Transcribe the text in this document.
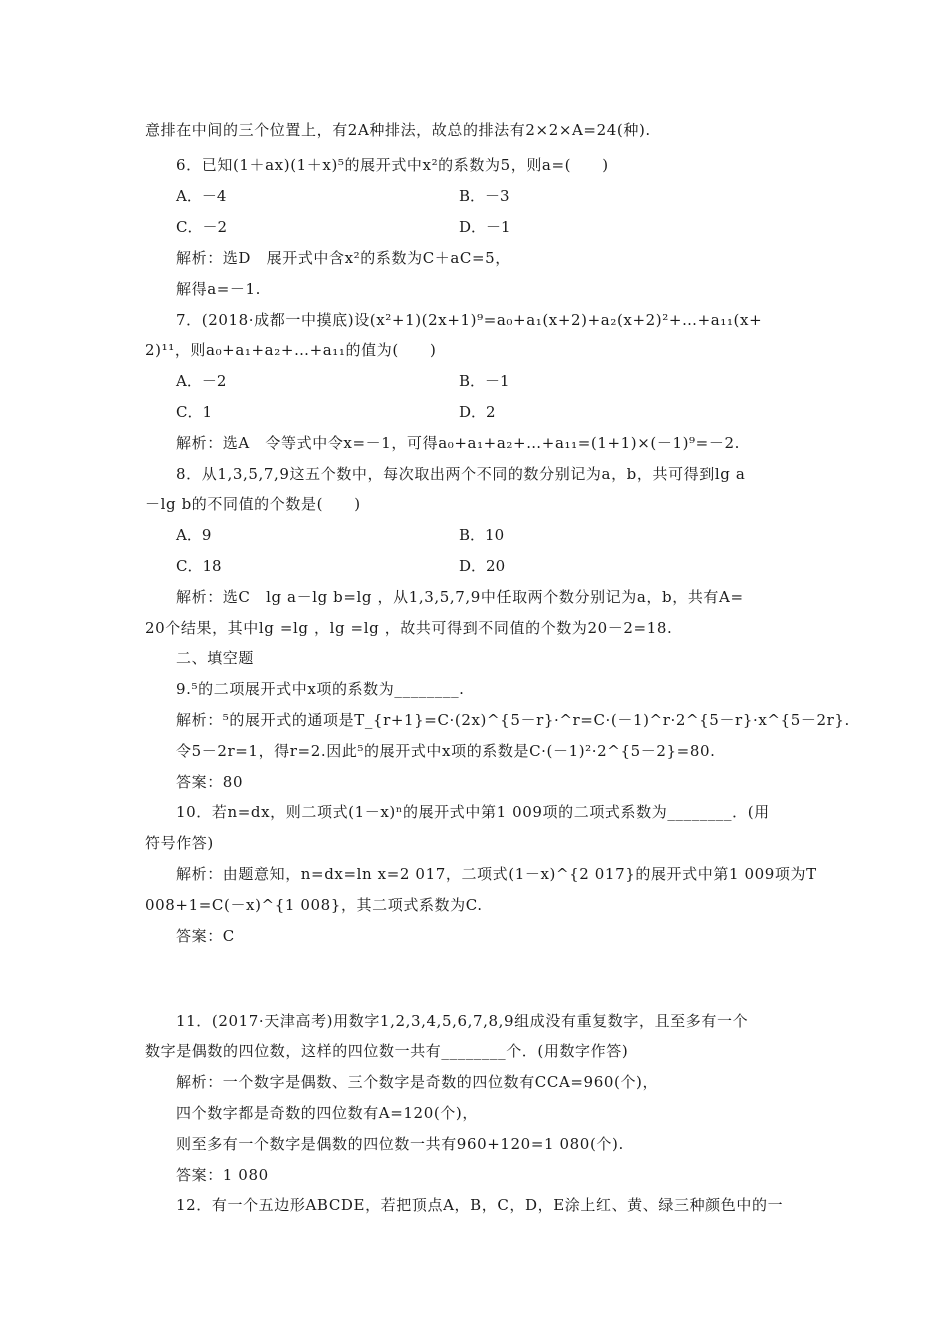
意排在中间的三个位置上，有2A种排法，故总的排法有2×2×A=24(种).
6．已知(1＋ax)(1＋x)⁵的展开式中x²的系数为5，则a=(　　)
A．－4	B．－3
C．－2	D．－1
解析：选D　展开式中含x²的系数为C＋aC=5，
解得a=－1.
7．(2018·成都一中摸底)设(x²+1)(2x+1)⁹=a₀+a₁(x+2)+a₂(x+2)²+…+a₁₁(x+
2)¹¹，则a₀+a₁+a₂+…+a₁₁的值为(　　)
A．－2	B．－1
C．1	D．2
解析：选A　令等式中令x=－1，可得a₀+a₁+a₂+…+a₁₁=(1+1)×(－1)⁹=－2.
8．从1,3,5,7,9这五个数中，每次取出两个不同的数分别记为a，b，共可得到lg a
－lg b的不同值的个数是(　　)
A．9	B．10
C．18	D．20
解析：选C　lg a－lg b=lg ，从1,3,5,7,9中任取两个数分别记为a，b，共有A=
20个结果，其中lg =lg ，lg =lg ，故共可得到不同值的个数为20－2=18.
二、填空题
9.⁵的二项展开式中x项的系数为________.
解析：⁵的展开式的通项是T_{r+1}=C·(2x)^{5－r}·^r=C·(－1)^r·2^{5－r}·x^{5－2r}.
令5－2r=1，得r=2.因此⁵的展开式中x项的系数是C·(－1)²·2^{5－2}=80.
答案：80
10．若n=dx，则二项式(1－x)ⁿ的展开式中第1 009项的二项式系数为________．(用
符号作答)
解析：由题意知，n=dx=ln x=2 017，二项式(1－x)^{2 017}的展开式中第1 009项为T
008+1=C(－x)^{1 008}，其二项式系数为C.
答案：C
11．(2017·天津高考)用数字1,2,3,4,5,6,7,8,9组成没有重复数字，且至多有一个
数字是偶数的四位数，这样的四位数一共有________个．(用数字作答)
解析：一个数字是偶数、三个数字是奇数的四位数有CCA=960(个)，
四个数字都是奇数的四位数有A=120(个)，
则至多有一个数字是偶数的四位数一共有960+120=1 080(个).
答案：1 080
12．有一个五边形ABCDE，若把顶点A，B，C，D，E涂上红、黄、绿三种颜色中的一
